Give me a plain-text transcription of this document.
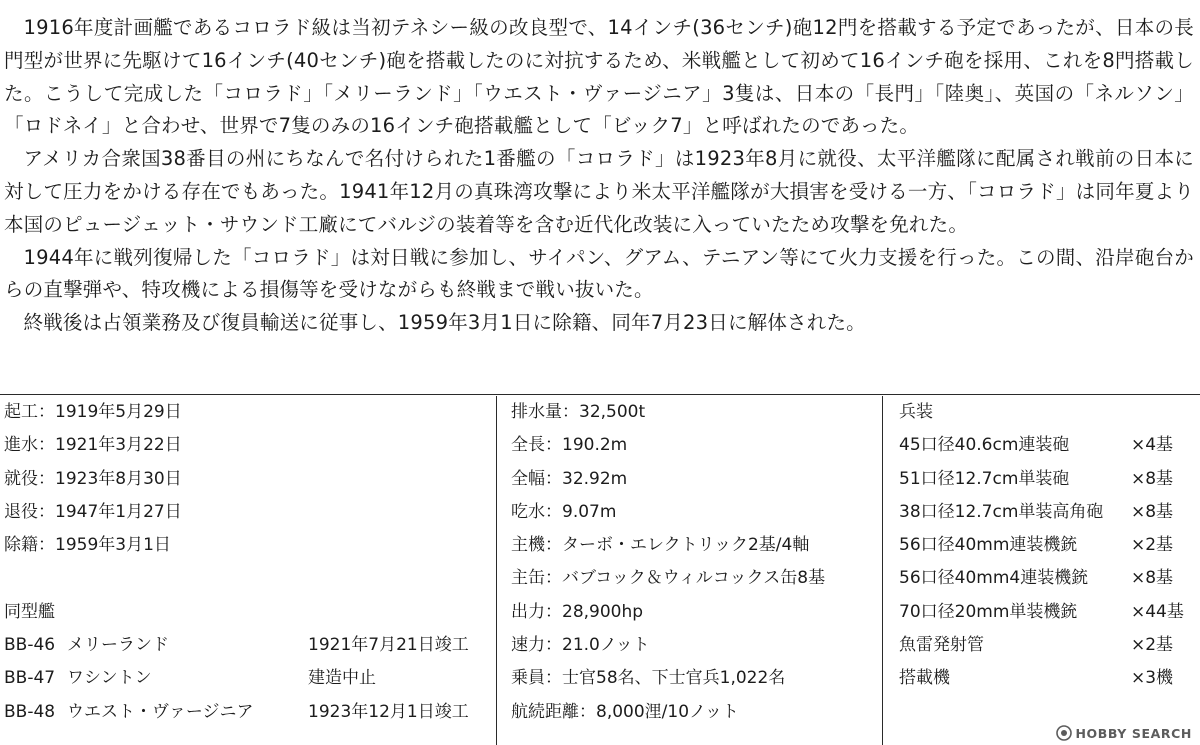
1916年度計画艦であるコロラド級は当初テネシー級の改良型で、14インチ(36センチ)砲12門を搭載する予定であったが、日本の長門型が世界に先駆けて16インチ(40センチ)砲を搭載したのに対抗するため、米戦艦として初めて16インチ砲を採用、これを8門搭載した。こうして完成した「コロラド」「メリーランド」「ウエスト・ヴァージニア」3隻は、日本の「長門」「陸奥」、英国の「ネルソン」「ロドネイ」と合わせ、世界で7隻のみの16インチ砲搭載艦として「ビック7」と呼ばれたのであった。

アメリカ合衆国38番目の州にちなんで名付けられた1番艦の「コロラド」は1923年8月に就役、太平洋艦隊に配属され戦前の日本に対して圧力をかける存在でもあった。1941年12月の真珠湾攻撃により米太平洋艦隊が大損害を受ける一方、「コロラド」は同年夏より本国のピュージェット・サウンド工廠にてバルジの装着等を含む近代化改装に入っていたため攻撃を免れた。

1944年に戦列復帰した「コロラド」は対日戦に参加し、サイパン、グアム、テニアン等にて火力支援を行った。この間、沿岸砲台からの直撃弾や、特攻機による損傷等を受けながらも終戦まで戦い抜いた。

終戦後は占領業務及び復員輸送に従事し、1959年3月1日に除籍、同年7月23日に解体された。

起工：1919年5月29日
進水：1921年3月22日
就役：1923年8月30日
退役：1947年1月27日
除籍：1959年3月1日
同型艦
BB-46 メリーランド	1921年7月21日竣工
BB-47 ワシントン	建造中止
BB-48 ウエスト・ヴァージニア	1923年12月1日竣工
排水量：32,500t
全長：190.2m
全幅：32.92m
吃水：9.07m
主機：ターボ・エレクトリック2基/4軸
主缶：バブコック＆ウィルコックス缶8基
出力：28,900hp
速力：21.0ノット
乗員：士官58名、下士官兵1,022名
航続距離：8,000浬/10ノット
兵装
45口径40.6cm連装砲	×4基
51口径12.7cm単装砲	×8基
38口径12.7cm単装高角砲 ×8基
56口径40mm連装機銃	×2基
56口径40mm4連装機銃	×8基
70口径20mm単装機銃	×44基
魚雷発射管	×2基
搭載機	×3機
HOBBY SEARCH
